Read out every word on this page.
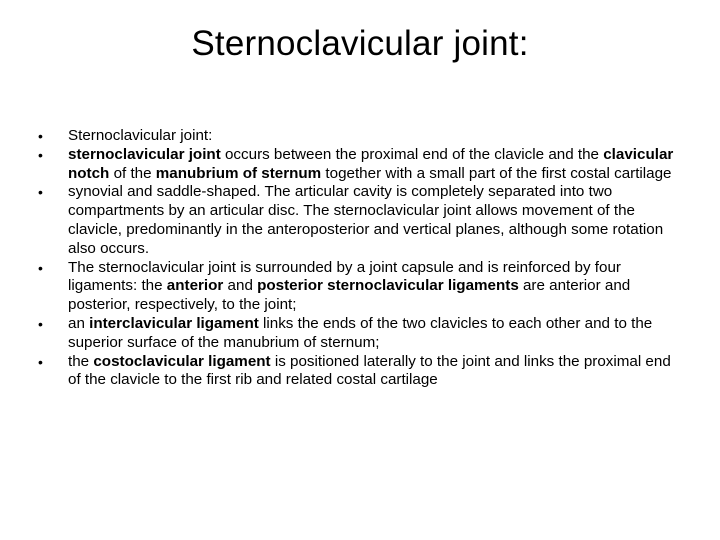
Sternoclavicular joint:
•	Sternoclavicular joint:
•	sternoclavicular joint occurs between the proximal end of the clavicle and the clavicular notch of the manubrium of sternum together with a small part of the first costal cartilage
•	synovial and saddle-shaped. The articular cavity is completely separated into two compartments by an articular disc. The sternoclavicular joint allows movement of the clavicle, predominantly in the anteroposterior and vertical planes, although some rotation also occurs.
•	The sternoclavicular joint is surrounded by a joint capsule and is reinforced by four ligaments: the anterior and posterior sternoclavicular ligaments are anterior and posterior, respectively, to the joint;
•	an interclavicular ligament links the ends of the two clavicles to each other and to the superior surface of the manubrium of sternum;
•	the costoclavicular ligament is positioned laterally to the joint and links the proximal end of the clavicle to the first rib and related costal cartilage
